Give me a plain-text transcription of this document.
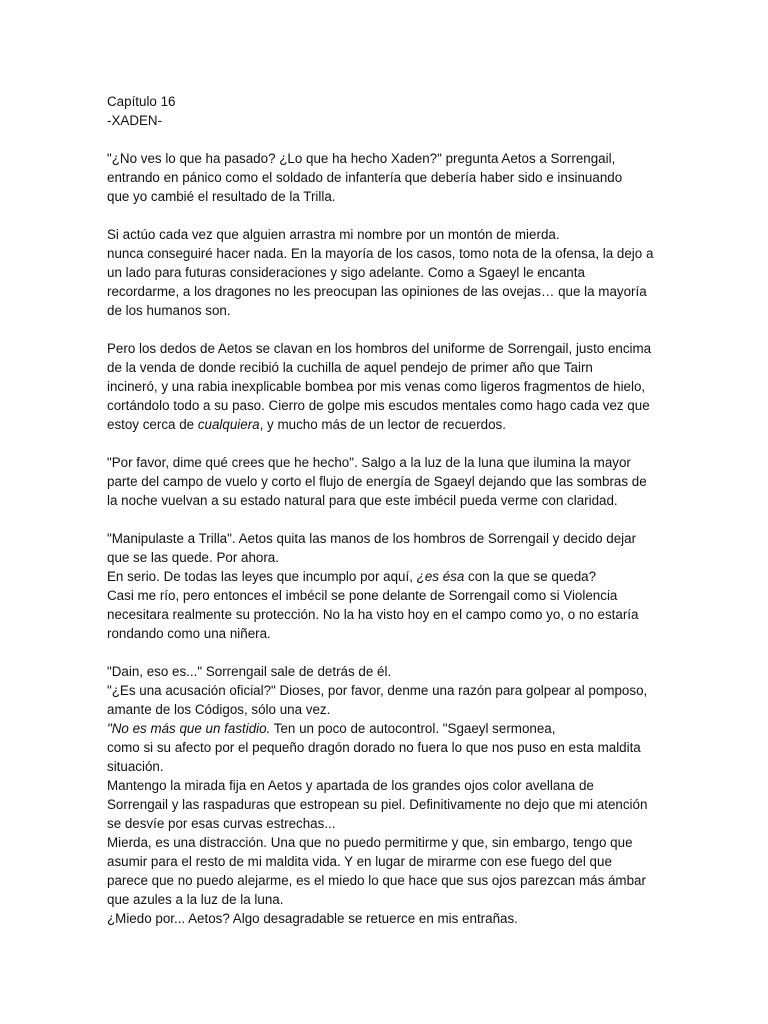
Capítulo 16
-XADEN-
"¿No ves lo que ha pasado? ¿Lo que ha hecho Xaden?" pregunta Aetos a Sorrengail,
entrando en pánico como el soldado de infantería que debería haber sido e insinuando
que yo cambié el resultado de la Trilla.
Si actúo cada vez que alguien arrastra mi nombre por un montón de mierda.
nunca conseguiré hacer nada. En la mayoría de los casos, tomo nota de la ofensa, la dejo a
un lado para futuras consideraciones y sigo adelante. Como a Sgaeyl le encanta
recordarme, a los dragones no les preocupan las opiniones de las ovejas… que la mayoría
de los humanos son.
Pero los dedos de Aetos se clavan en los hombros del uniforme de Sorrengail, justo encima
de la venda de donde recibió la cuchilla de aquel pendejo de primer año que Tairn
incineró, y una rabia inexplicable bombea por mis venas como ligeros fragmentos de hielo,
cortándolo todo a su paso. Cierro de golpe mis escudos mentales como hago cada vez que
estoy cerca de cualquiera, y mucho más de un lector de recuerdos.
"Por favor, dime qué crees que he hecho". Salgo a la luz de la luna que ilumina la mayor
parte del campo de vuelo y corto el flujo de energía de Sgaeyl dejando que las sombras de
la noche vuelvan a su estado natural para que este imbécil pueda verme con claridad.
"Manipulaste a Trilla". Aetos quita las manos de los hombros de Sorrengail y decido dejar
que se las quede. Por ahora.
En serio. De todas las leyes que incumplo por aquí, ¿es ésa con la que se queda?
Casi me río, pero entonces el imbécil se pone delante de Sorrengail como si Violencia
necesitara realmente su protección. No la ha visto hoy en el campo como yo, o no estaría
rondando como una niñera.
"Dain, eso es..." Sorrengail sale de detrás de él.
"¿Es una acusación oficial?" Dioses, por favor, denme una razón para golpear al pomposo,
amante de los Códigos, sólo una vez.
"No es más que un fastidio. Ten un poco de autocontrol. "Sgaeyl sermonea,
como si su afecto por el pequeño dragón dorado no fuera lo que nos puso en esta maldita
situación.
Mantengo la mirada fija en Aetos y apartada de los grandes ojos color avellana de
Sorrengail y las raspaduras que estropean su piel. Definitivamente no dejo que mi atención
se desvíe por esas curvas estrechas...
Mierda, es una distracción. Una que no puedo permitirme y que, sin embargo, tengo que
asumir para el resto de mi maldita vida. Y en lugar de mirarme con ese fuego del que
parece que no puedo alejarme, es el miedo lo que hace que sus ojos parezcan más ámbar
que azules a la luz de la luna.
¿Miedo por... Aetos? Algo desagradable se retuerce en mis entrañas.
